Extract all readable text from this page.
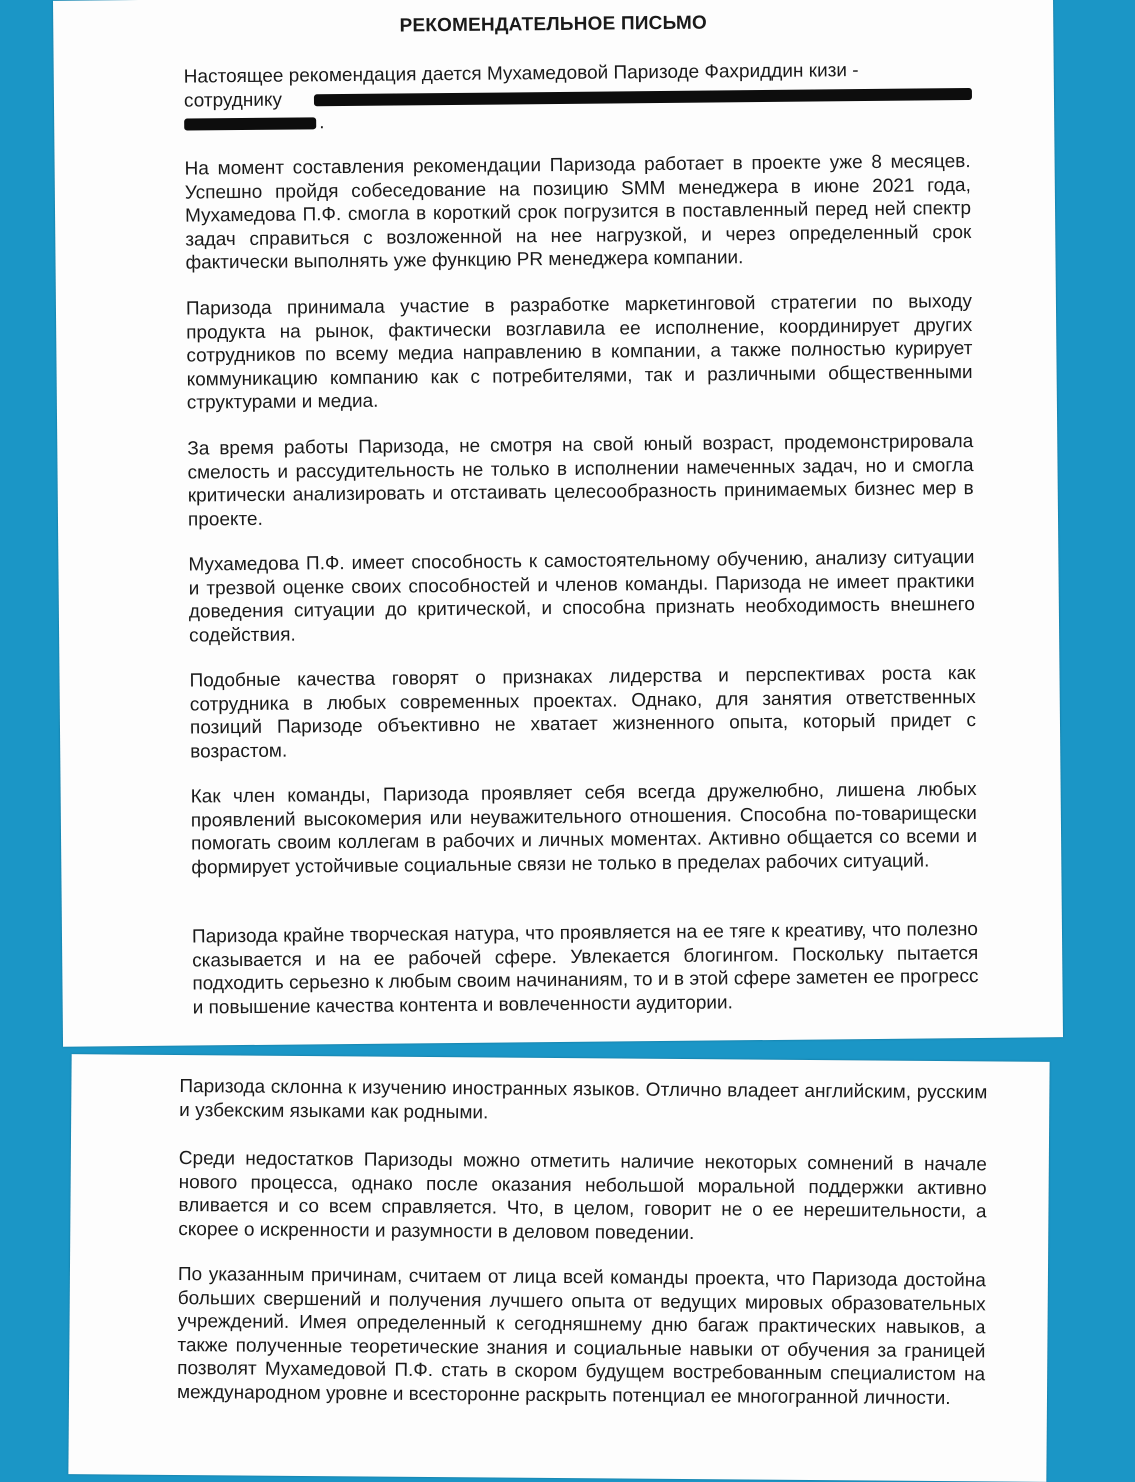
РЕКОМЕНДАТЕЛЬНОЕ ПИСЬМО
Настоящее рекомендация дается Мухамедовой Паризоде Фахриддин кизи -
сотруднику
.

На момент составления рекомендации Паризода работает в проекте уже 8 месяцев. Успешно пройдя собеседование на позицию SMM менеджера в июне 2021 года, Мухамедова П.Ф. смогла в короткий срок погрузится в поставленный перед ней спектр задач справиться с возложенной на нее нагрузкой, и через определенный срок фактически выполнять уже функцию PR менеджера компании.

Паризода принимала участие в разработке маркетинговой стратегии по выходу продукта на рынок, фактически возглавила ее исполнение, координирует других сотрудников по всему медиа направлению в компании, а также полностью курирует коммуникацию компанию как с потребителями, так и различными общественными структурами и медиа.

За время работы Паризода, не смотря на свой юный возраст, продемонстрировала смелость и рассудительность не только в исполнении намеченных задач, но и смогла критически анализировать и отстаивать целесообразность принимаемых бизнес мер в проекте.

Мухамедова П.Ф. имеет способность к самостоятельному обучению, анализу ситуации и трезвой оценке своих способностей и членов команды. Паризода не имеет практики доведения ситуации до критической, и способна признать необходимость внешнего содействия.

Подобные качества говорят о признаках лидерства и перспективах роста как сотрудника в любых современных проектах. Однако, для занятия ответственных позиций Паризоде объективно не хватает жизненного опыта, который придет с возрастом.

Как член команды, Паризода проявляет себя всегда дружелюбно, лишена любых проявлений высокомерия или неуважительного отношения. Способна по-товарищески помогать своим коллегам в рабочих и личных моментах. Активно общается со всеми и формирует устойчивые социальные связи не только в пределах рабочих ситуаций.

Паризода крайне творческая натура, что проявляется на ее тяге к креативу, что полезно сказывается и на ее рабочей сфере. Увлекается блогингом. Поскольку пытается подходить серьезно к любым своим начинаниям, то и в этой сфере заметен ее прогресс и повышение качества контента и вовлеченности аудитории.

Паризода склонна к изучению иностранных языков. Отлично владеет английским, русским и узбекским языками как родными.

Среди недостатков Паризоды можно отметить наличие некоторых сомнений в начале нового процесса, однако после оказания небольшой моральной поддержки активно вливается и со всем справляется. Что, в целом, говорит не о ее нерешительности, а скорее о искренности и разумности в деловом поведении.

По указанным причинам, считаем от лица всей команды проекта, что Паризода достойна больших свершений и получения лучшего опыта от ведущих мировых образовательных учреждений. Имея определенный к сегодняшнему дню багаж практических навыков, а также полученные теоретические знания и социальные навыки от обучения за границей позволят Мухамедовой П.Ф. стать в скором будущем востребованным специалистом на международном уровне и всесторонне раскрыть потенциал ее многогранной личности.
